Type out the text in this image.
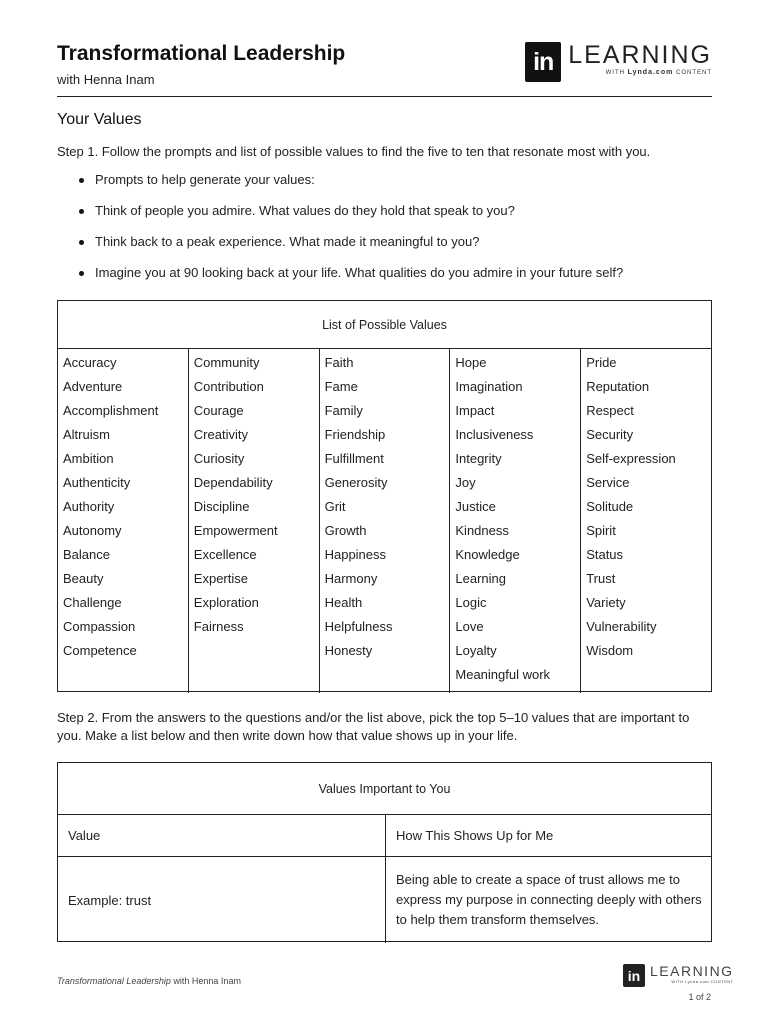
Transformational Leadership
with Henna Inam
in LEARNING
WITH Lynda.com CONTENT
Your Values
Step 1. Follow the prompts and list of possible values to find the five to ten that resonate most with you.
Prompts to help generate your values:
Think of people you admire. What values do they hold that speak to you?
Think back to a peak experience. What made it meaningful to you?
Imagine you at 90 looking back at your life. What qualities do you admire in your future self?
List of Possible Values
Accuracy
Adventure
Accomplishment
Altruism
Ambition
Authenticity
Authority
Autonomy
Balance
Beauty
Challenge
Compassion
Competence
Community
Contribution
Courage
Creativity
Curiosity
Dependability
Discipline
Empowerment
Excellence
Expertise
Exploration
Fairness
Faith
Fame
Family
Friendship
Fulfillment
Generosity
Grit
Growth
Happiness
Harmony
Health
Helpfulness
Honesty
Hope
Imagination
Impact
Inclusiveness
Integrity
Joy
Justice
Kindness
Knowledge
Learning
Logic
Love
Loyalty
Meaningful work
Pride
Reputation
Respect
Security
Self-expression
Service
Solitude
Spirit
Status
Trust
Variety
Vulnerability
Wisdom
Step 2. From the answers to the questions and/or the list above, pick the top 5–10 values that are important to you. Make a list below and then write down how that value shows up in your life.
Values Important to You
Value	How This Shows Up for Me
Example: trust
Being able to create a space of trust allows me to express my purpose in connecting deeply with others to help them transform themselves.
Transformational Leadership with Henna Inam	in LEARNING
WITH Lynda.com CONTENT
1 of 2
